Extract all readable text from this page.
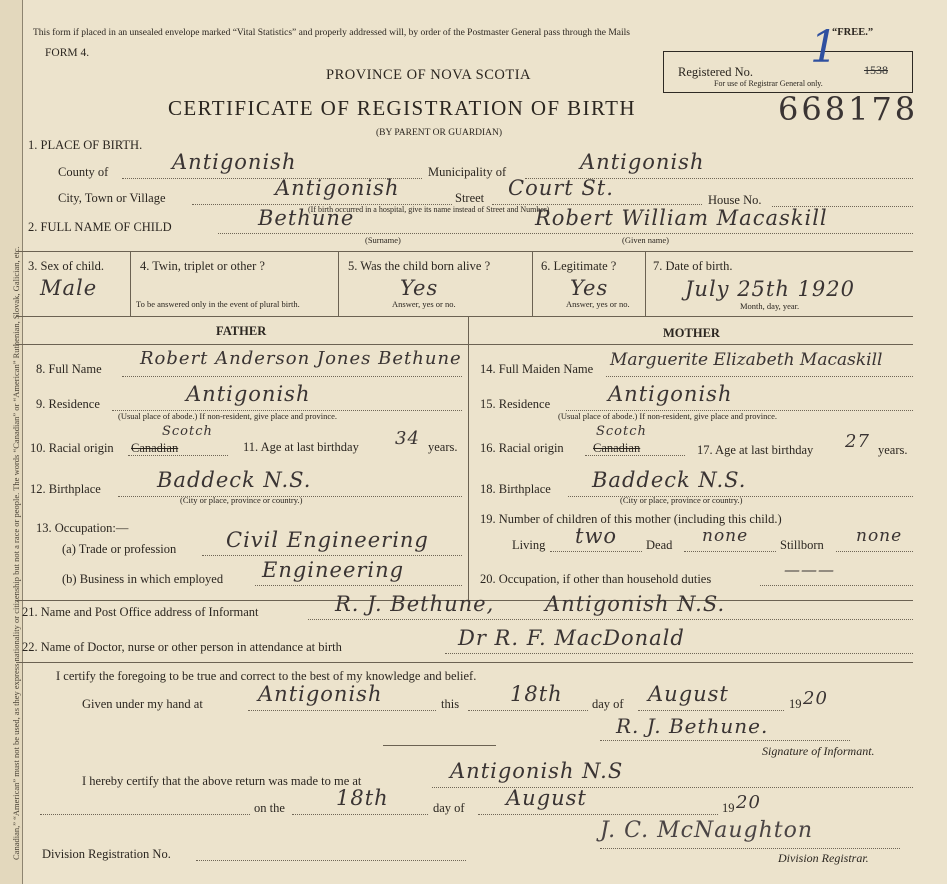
Canadian,” “American” must not be used, as they express nationality or citizenship but not a race or people. The words “Canadian” or “American” Ruthenian, Slovak, Galician, etc.
This form if placed in an unsealed envelope marked “Vital Statistics” and properly addressed will, by order of the Postmaster General pass through the Mails	“FREE.”
FORM 4.
PROVINCE OF NOVA SCOTIA
CERTIFICATE OF REGISTRATION OF BIRTH
(BY PARENT OR GUARDIAN)
668178
Registered No.
For use of Registrar General only.
1538
1
1. PLACE OF BIRTH.
County of	Antigonish	Municipality of	Antigonish
City, Town or Village	Antigonish	Street Court St.	House No.
(If birth occurred in a hospital, give its name instead of Street and Number)
2. FULL NAME OF CHILD	Bethune	Robert William Macaskill
(Surname)	(Given name)
3. Sex of child.
Male
4. Twin, triplet or other ?
To be answered only in the event of plural birth.
5. Was the child born alive ?
Yes
Answer, yes or no.
6. Legitimate ?
Yes
Answer, yes or no.
7. Date of birth.
July 25th 1920
Month, day, year.
FATHER	MOTHER
8. Full Name Robert Anderson Jones Bethune
9. Residence	Antigonish
(Usual place of abode.) If non-resident, give place and province.
10. Racial origin Canadian
Scotch
11. Age at last birthday 34 years.
12. Birthplace	Baddeck N.S.
(City or place, province or country.)
13. Occupation:—
(a) Trade or profession Civil Engineering
(b) Business in which employed Engineering
14. Full Maiden Name Marguerite Elizabeth Macaskill
15. Residence	Antigonish
(Usual place of abode.) If non-resident, give place and province.
16. Racial origin Canadian
Scotch
17. Age at last birthday 27 years.
18. Birthplace Baddeck N.S.
(City or place, province or country.)
19. Number of children of this mother (including this child.)
Living two Dead none	Stillborn none
20. Occupation, if other than household duties	———
21. Name and Post Office address of Informant	R. J. Bethune, Antigonish N.S.
22. Name of Doctor, nurse or other person in attendance at birth	Dr R. F. MacDonald
I certify the foregoing to be true and correct to the best of my knowledge and belief.
Given under my hand at	Antigonish	this 18th day of August	19 20
R. J. Bethune.
Signature of Informant.
I hereby certify that the above return was made to me at	Antigonish N.S
on the 18th	day of August	19 20
J. C. McNaughton
Division Registrar.
Division Registration No.
